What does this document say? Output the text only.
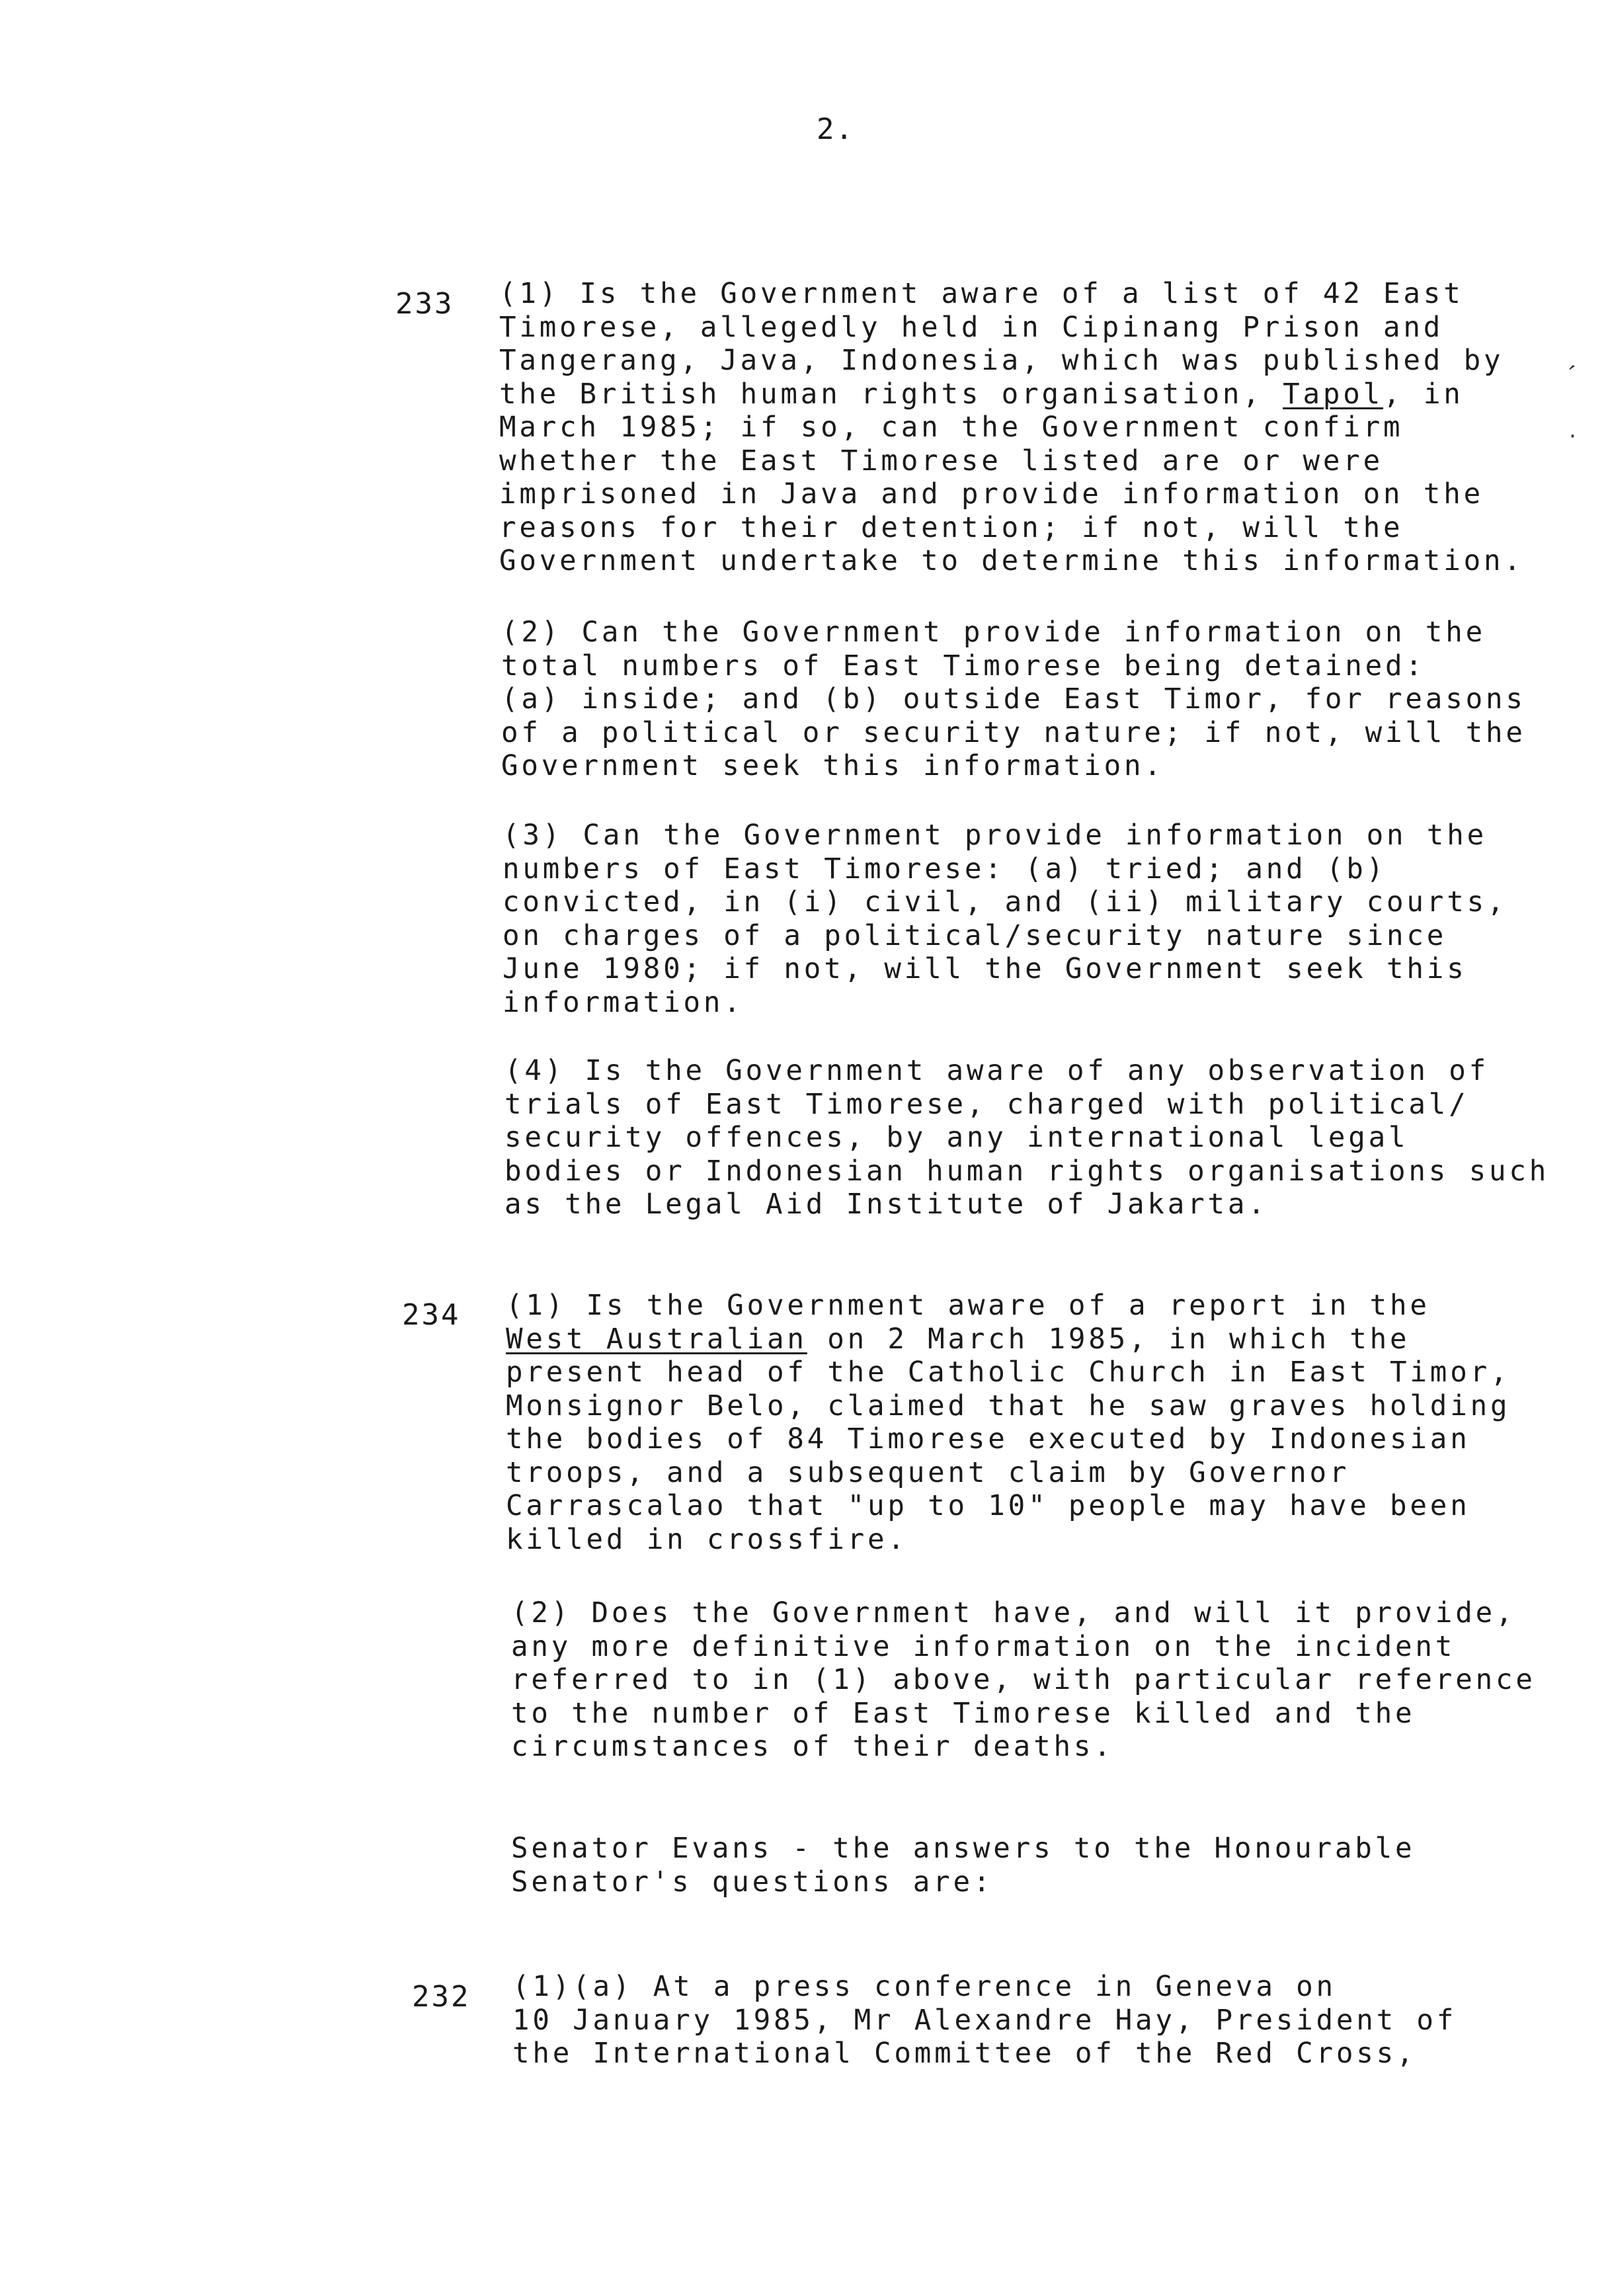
2.
233 (1) Is the Government aware of a list of 42 East
Timorese, allegedly held in Cipinang Prison and
Tangerang, Java, Indonesia, which was published by
the British human rights organisation, Tapol, in
March 1985; if so, can the Government confirm
whether the East Timorese listed are or were
imprisoned in Java and provide information on the
reasons for their detention; if not, will the
Government undertake to determine this information.
(2) Can the Government provide information on the
total numbers of East Timorese being detained:
(a) inside; and (b) outside East Timor, for reasons
of a political or security nature; if not, will the
Government seek this information.
(3) Can the Government provide information on the
numbers of East Timorese: (a) tried; and (b)
convicted, in (i) civil, and (ii) military courts,
on charges of a political/security nature since
June 1980; if not, will the Government seek this
information.
(4) Is the Government aware of any observation of
trials of East Timorese, charged with political/
security offences, by any international legal
bodies or Indonesian human rights organisations such
as the Legal Aid Institute of Jakarta.
234 (1) Is the Government aware of a report in the
West Australian on 2 March 1985, in which the
present head of the Catholic Church in East Timor,
Monsignor Belo, claimed that he saw graves holding
the bodies of 84 Timorese executed by Indonesian
troops, and a subsequent claim by Governor
Carrascalao that "up to 10" people may have been
killed in crossfire.
(2) Does the Government have, and will it provide,
any more definitive information on the incident
referred to in (1) above, with particular reference
to the number of East Timorese killed and the
circumstances of their deaths.
Senator Evans - the answers to the Honourable
Senator's questions are:
232 (1)(a) At a press conference in Geneva on
10 January 1985, Mr Alexandre Hay, President of
the International Committee of the Red Cross,
′
·
